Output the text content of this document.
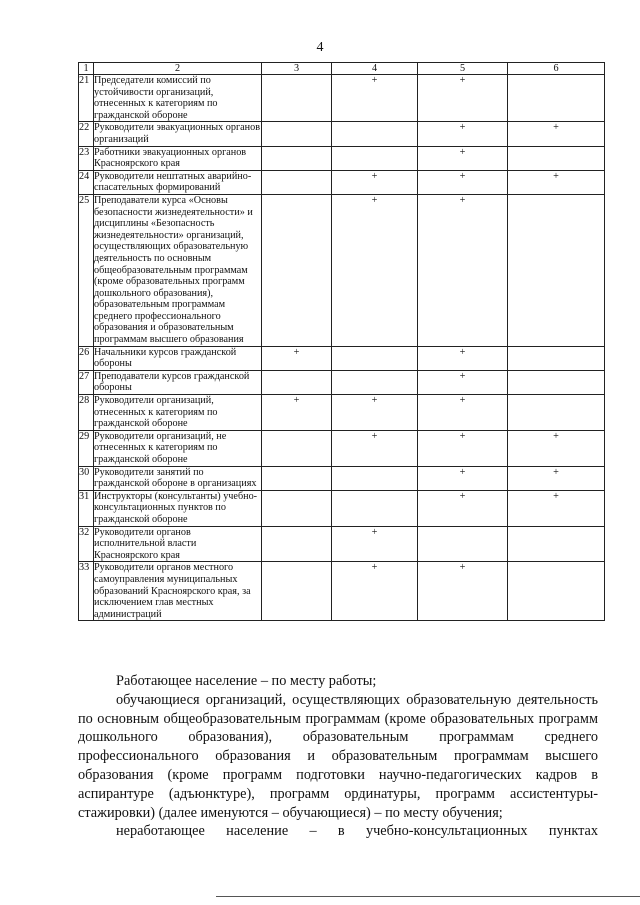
4
1	2	3	4	5	6
21	Председатели комиссий по устойчивости организаций, отнесенных к категориям по гражданской обороне		+	+	
22	Руководители эвакуационных органов организаций			+	+
23	Работники эвакуационных органов Красноярского края			+	
24	Руководители нештатных аварийно-спасательных формирований		+	+	+
25	Преподаватели курса «Основы безопасности жизнедеятельности» и дисциплины «Безопасность жизнедеятельности» организаций, осуществляющих образовательную деятельность по основным общеобразовательным программам (кроме образовательных программ дошкольного образования), образовательным программам среднего профессионального образования и образовательным программам высшего образования		+	+	
26	Начальники курсов гражданской обороны	+		+	
27	Преподаватели курсов гражданской обороны			+	
28	Руководители организаций, отнесенных к категориям по гражданской обороне	+	+	+	
29	Руководители организаций, не отнесенных к категориям по гражданской обороне		+	+	+
30	Руководители занятий по гражданской обороне в организациях			+	+
31	Инструкторы (консультанты) учебно-консультационных пунктов по гражданской обороне			+	+
32	Руководители органов исполнительной власти Красноярского края		+		
33	Руководители органов местного самоуправления муниципальных образований Красноярского края, за исключением глав местных администраций		+	+	

Работающее население – по месту работы;

обучающиеся организаций, осуществляющих образовательную деятельность по основным общеобразовательным программам (кроме образовательных программ дошкольного образования), образовательным программам среднего профессионального образования и образовательным программам высшего образования (кроме программ подготовки научно-педагогических кадров в аспирантуре (адъюнктуре), программ ординатуры, программ ассистентуры-стажировки) (далее именуются – обучающиеся) – по месту обучения;

неработающее население – в учебно-консультационных пунктах
